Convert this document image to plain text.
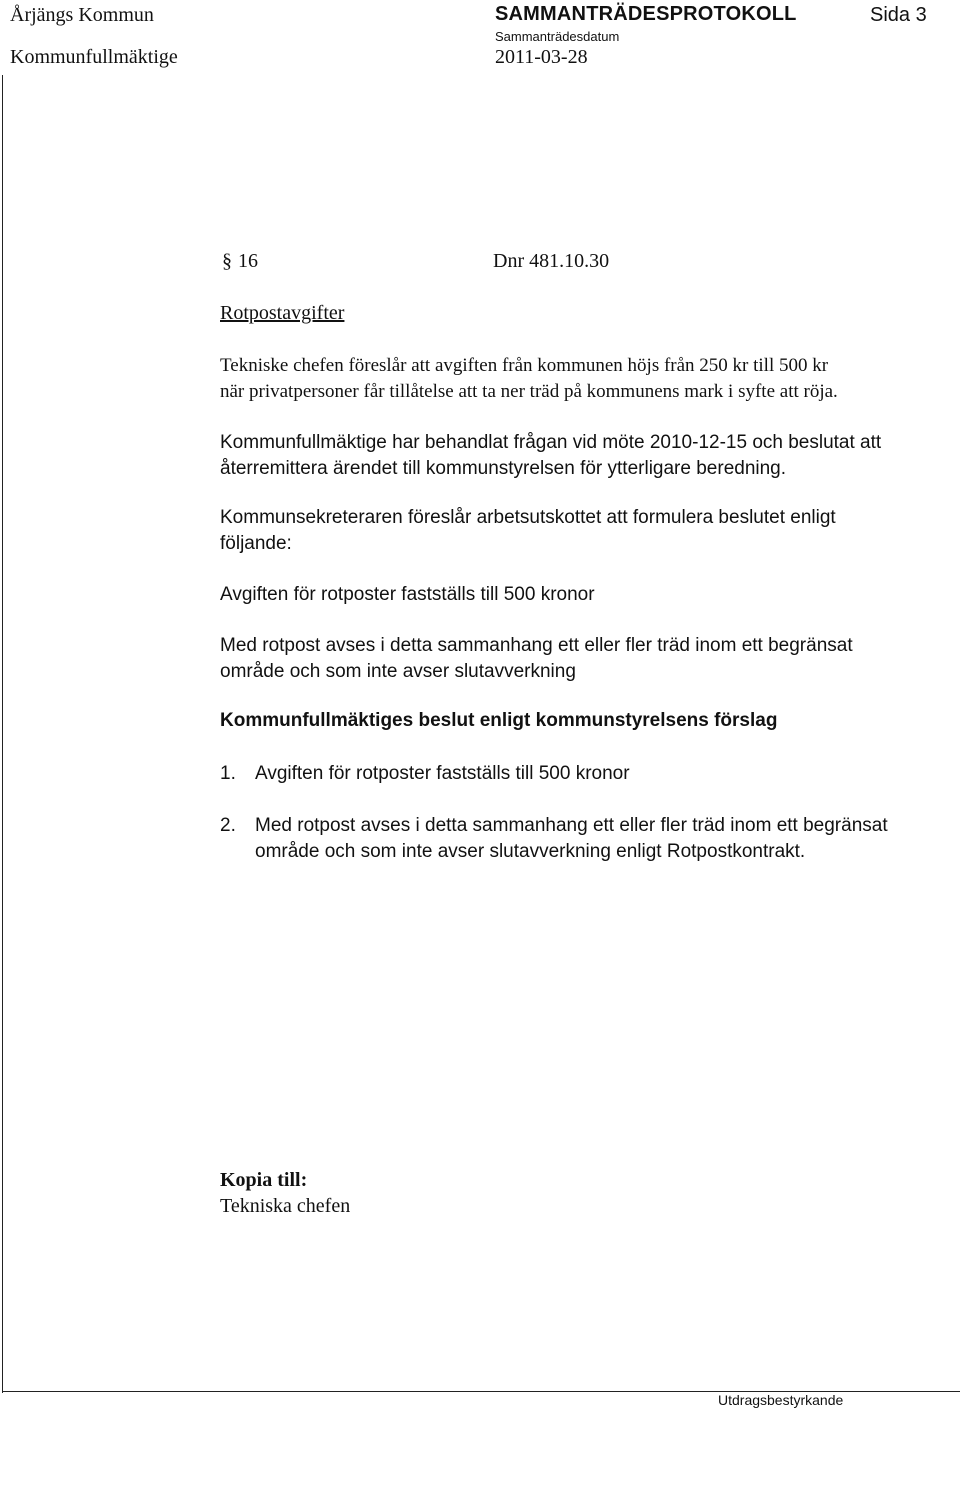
Årjängs Kommun	SAMMANTRÄDESPROTOKOLL	Sida 3
Sammanträdesdatum
Kommunfullmäktige	2011-03-28
§ 16	Dnr 481.10.30
Rotpostavgifter
Tekniske chefen föreslår att avgiften från kommunen höjs från 250 kr till 500 kr
när privatpersoner får tillåtelse att ta ner träd på kommunens mark i syfte att röja.
Kommunfullmäktige har behandlat frågan vid möte 2010-12-15 och beslutat att
återremittera ärendet till kommunstyrelsen för ytterligare beredning.
Kommunsekreteraren föreslår arbetsutskottet att formulera beslutet enligt
följande:
Avgiften för rotposter fastställs till 500 kronor
Med rotpost avses i detta sammanhang ett eller fler träd inom ett begränsat
område och som inte avser slutavverkning
Kommunfullmäktiges beslut enligt kommunstyrelsens förslag
1. Avgiften för rotposter fastställs till 500 kronor
2. Med rotpost avses i detta sammanhang ett eller fler träd inom ett begränsat
område och som inte avser slutavverkning enligt Rotpostkontrakt.
Kopia till:
Tekniska chefen
Utdragsbestyrkande
